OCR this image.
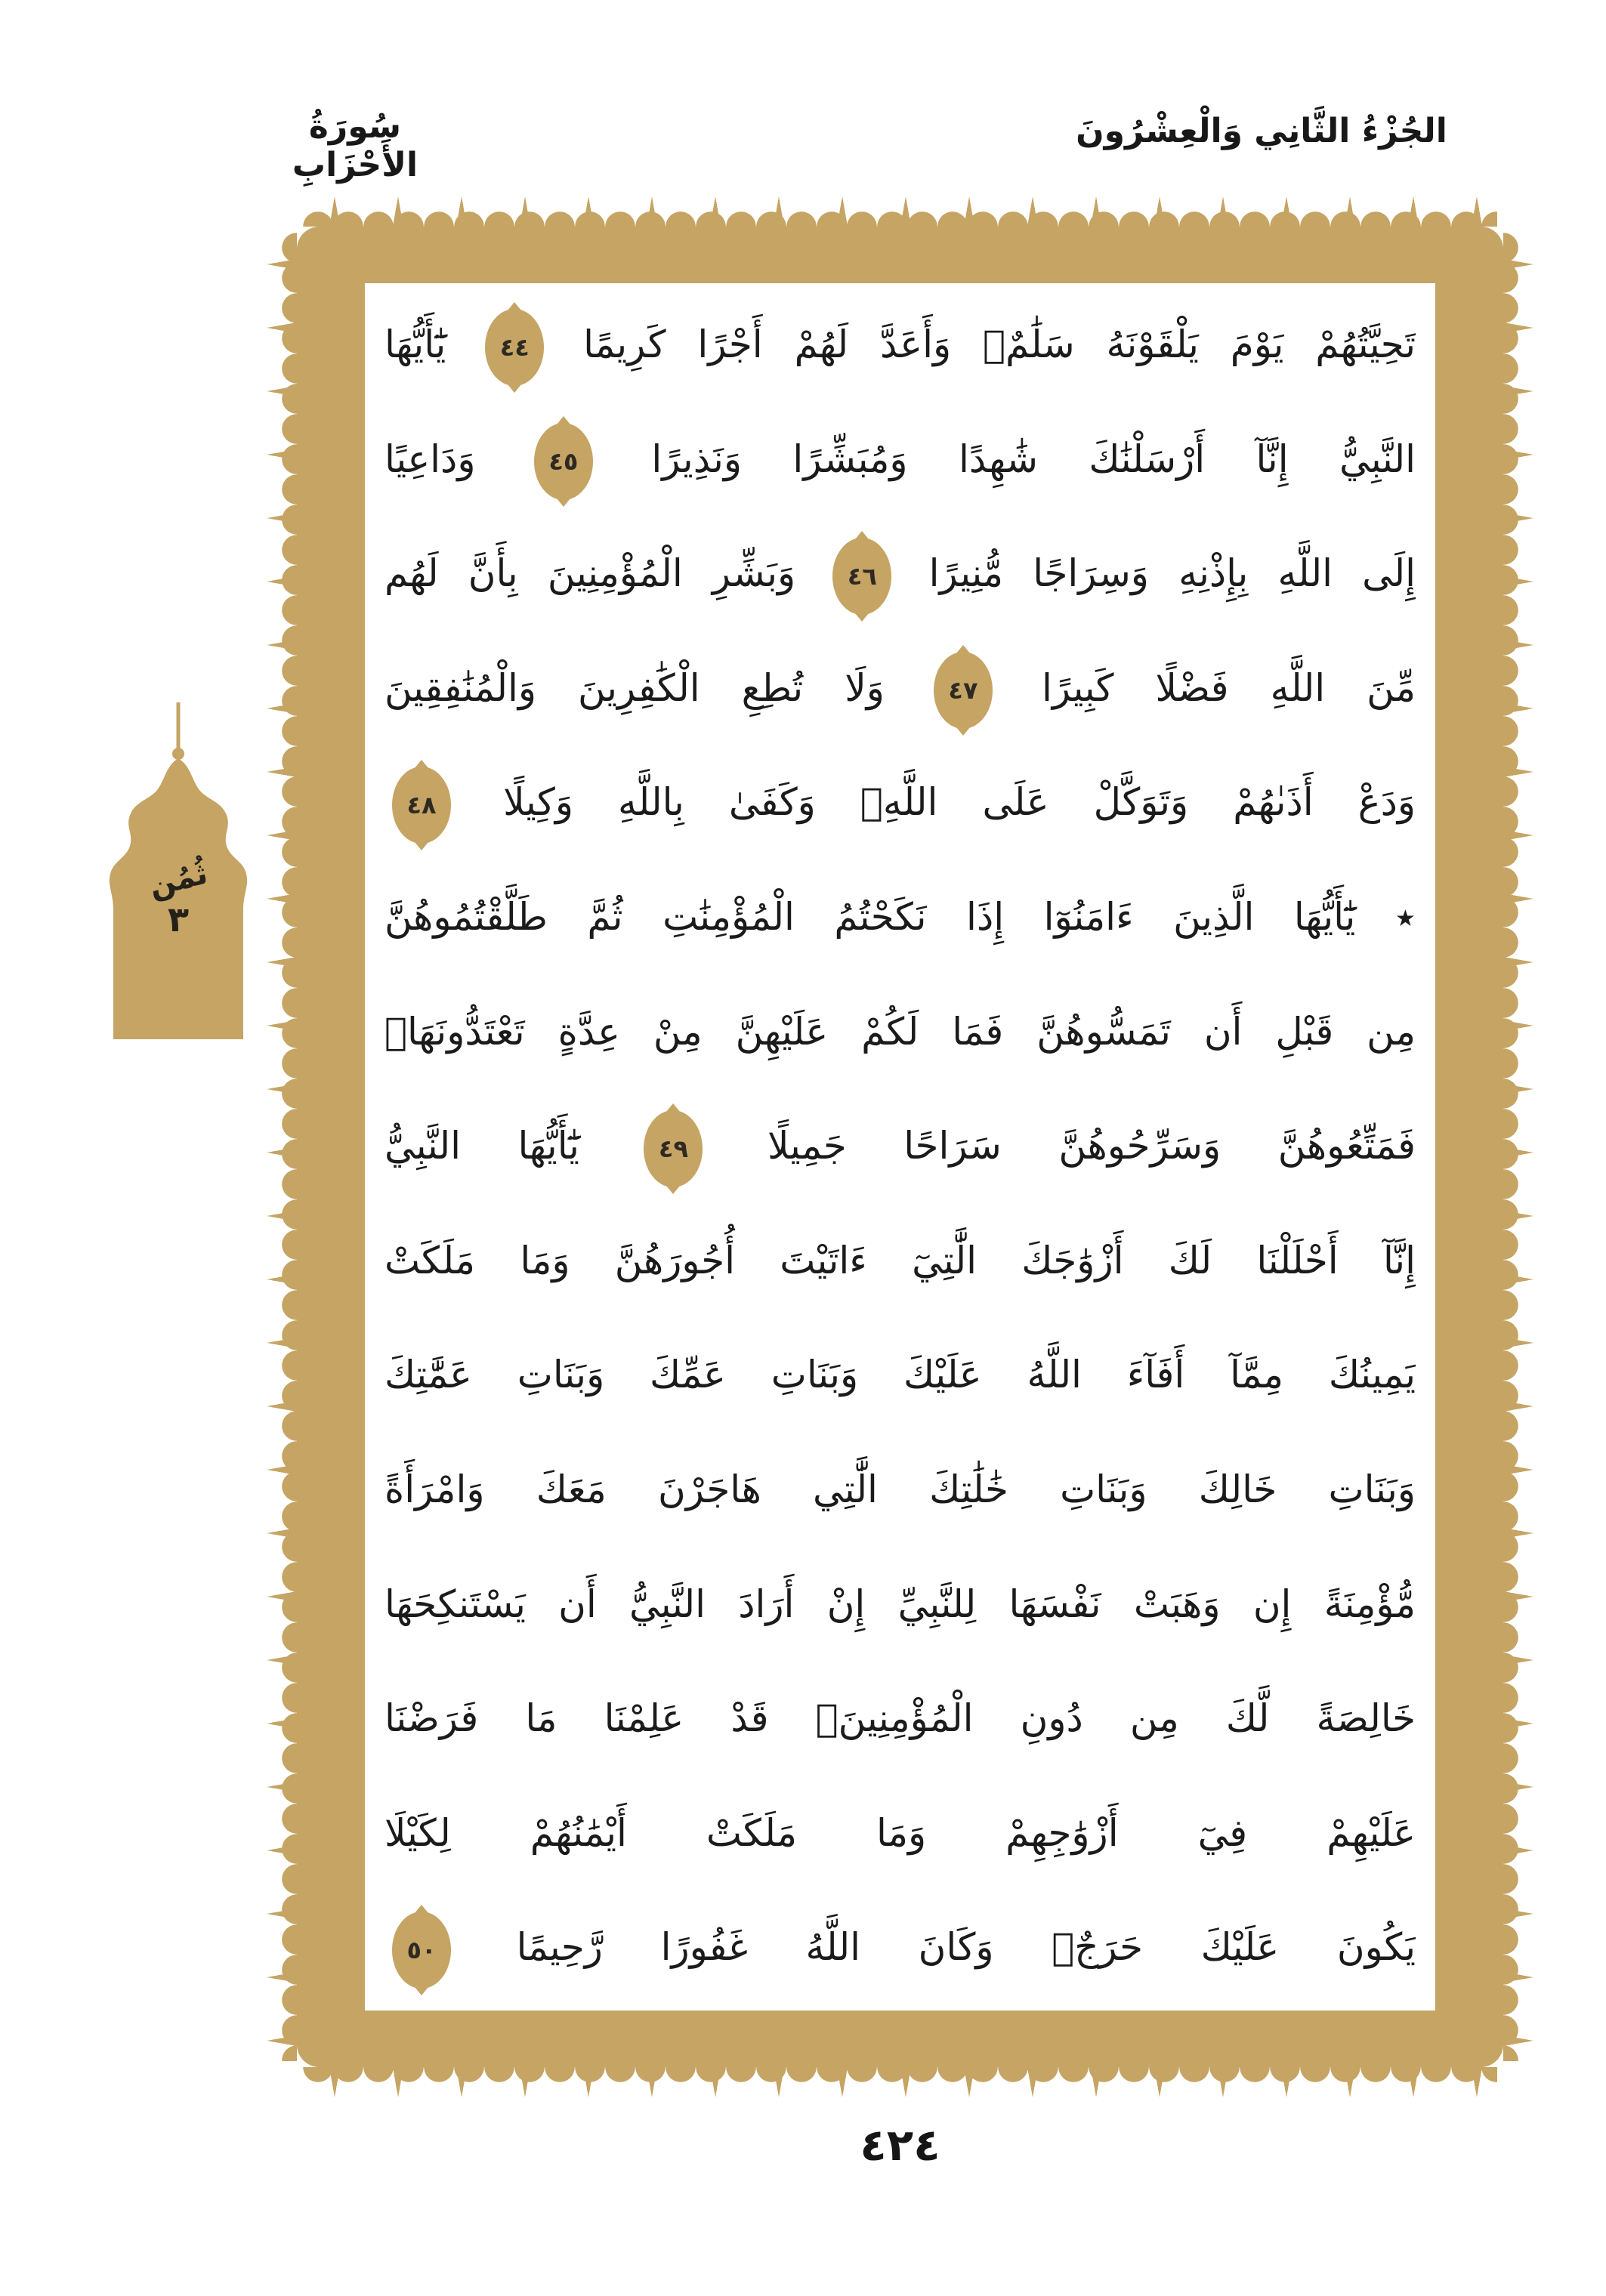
سُورَةُ الأَحْزَابِ
الجُزْءُ الثَّانِي وَالْعِشْرُونَ
تَحِيَّتُهُمْ يَوْمَ يَلْقَوْنَهُ سَلَٰمٌۚ وَأَعَدَّ لَهُمْ أَجْرًا كَرِيمًا
٤٤
يَٰٓأَيُّهَا
النَّبِيُّ إِنَّآ أَرْسَلْنَٰكَ شَٰهِدًا وَمُبَشِّرًا وَنَذِيرًا
٤٥
وَدَاعِيًا
إِلَى اللَّهِ بِإِذْنِهِ وَسِرَاجًا مُّنِيرًا
٤٦
وَبَشِّرِ الْمُؤْمِنِينَ بِأَنَّ لَهُم
مِّنَ اللَّهِ فَضْلًا كَبِيرًا
٤٧
وَلَا تُطِعِ الْكَٰفِرِينَ وَالْمُنَٰفِقِينَ
وَدَعْ أَذَىٰهُمْ وَتَوَكَّلْ عَلَى اللَّهِۚ وَكَفَىٰ بِاللَّهِ وَكِيلًا
٤٨
٭ يَٰٓأَيُّهَا الَّذِينَ ءَامَنُوٓا إِذَا نَكَحْتُمُ الْمُؤْمِنَٰتِ ثُمَّ طَلَّقْتُمُوهُنَّ
مِن قَبْلِ أَن تَمَسُّوهُنَّ فَمَا لَكُمْ عَلَيْهِنَّ مِنْ عِدَّةٍ تَعْتَدُّونَهَاۖ
فَمَتِّعُوهُنَّ وَسَرِّحُوهُنَّ سَرَاحًا جَمِيلًا
٤٩
يَٰٓأَيُّهَا النَّبِيُّ
إِنَّآ أَحْلَلْنَا لَكَ أَزْوَٰجَكَ الَّٰتِيٓ ءَاتَيْتَ أُجُورَهُنَّ وَمَا مَلَكَتْ
يَمِينُكَ مِمَّآ أَفَآءَ اللَّهُ عَلَيْكَ وَبَنَاتِ عَمِّكَ وَبَنَاتِ عَمَّٰتِكَ
وَبَنَاتِ خَالِكَ وَبَنَاتِ خَٰلَٰتِكَ الَّٰتِي هَاجَرْنَ مَعَكَ وَامْرَأَةً
مُّؤْمِنَةً إِن وَهَبَتْ نَفْسَهَا لِلنَّبِيِّ إِنْ أَرَادَ النَّبِيُّ أَن يَسْتَنكِحَهَا
خَالِصَةً لَّكَ مِن دُونِ الْمُؤْمِنِينَۗ قَدْ عَلِمْنَا مَا فَرَضْنَا
عَلَيْهِمْ فِيٓ أَزْوَٰجِهِمْ وَمَا مَلَكَتْ أَيْمَٰنُهُمْ لِكَيْلَا
يَكُونَ عَلَيْكَ حَرَجٌۗ وَكَانَ اللَّهُ غَفُورًا رَّحِيمًا
٥٠
ثُمُن
٣
٤٢٤
